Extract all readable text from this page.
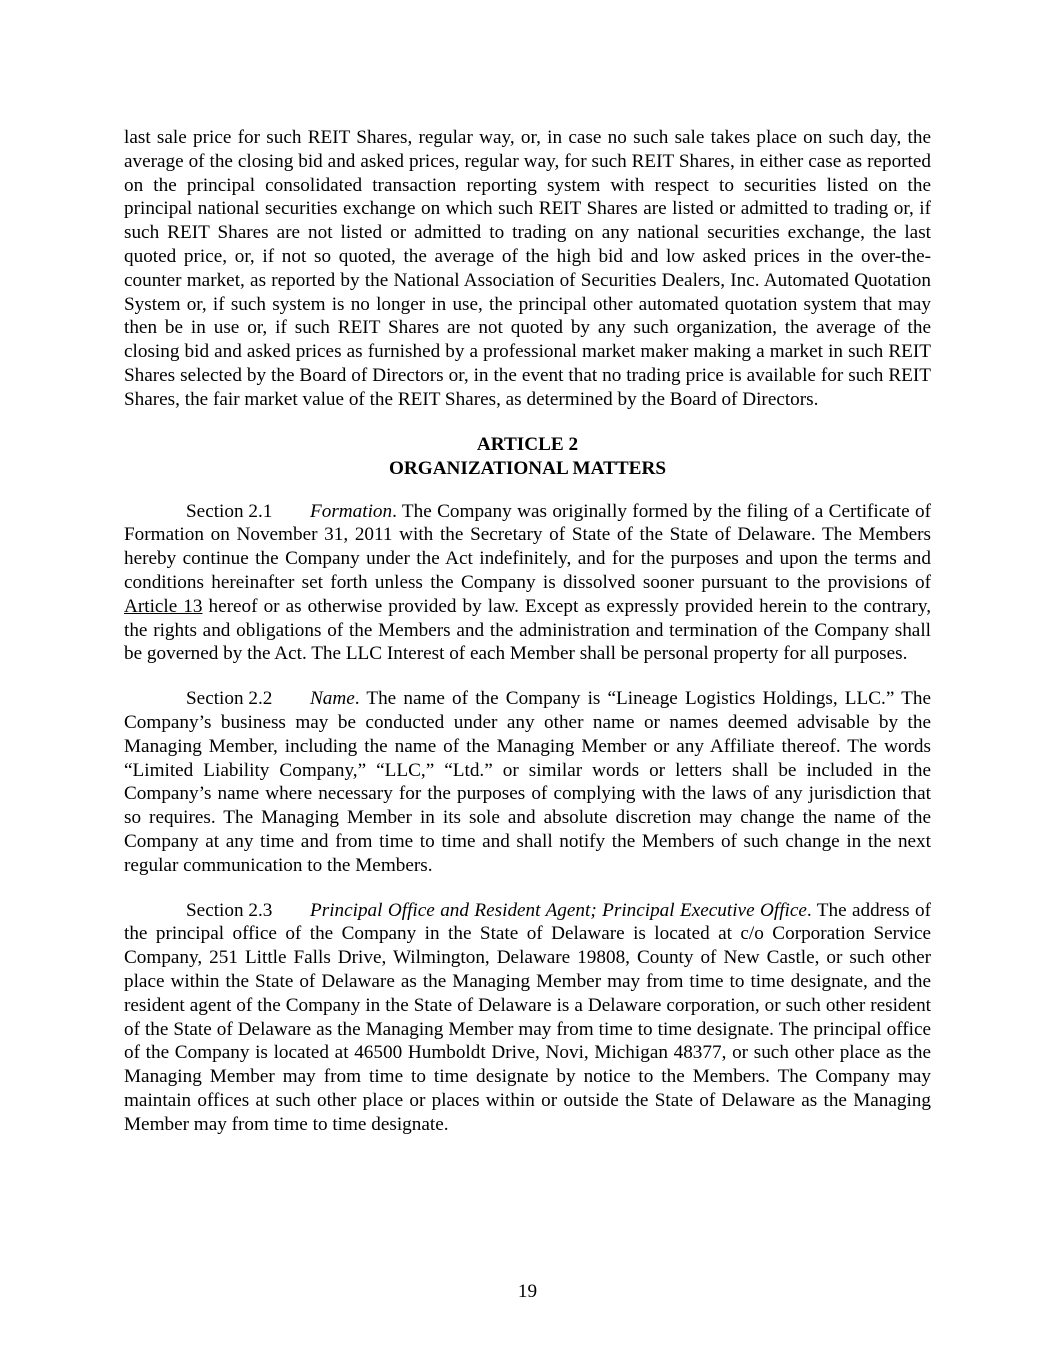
last sale price for such REIT Shares, regular way, or, in case no such sale takes place on such day, the average of the closing bid and asked prices, regular way, for such REIT Shares, in either case as reported on the principal consolidated transaction reporting system with respect to securities listed on the principal national securities exchange on which such REIT Shares are listed or admitted to trading or, if such REIT Shares are not listed or admitted to trading on any national securities exchange, the last quoted price, or, if not so quoted, the average of the high bid and low asked prices in the over-the-counter market, as reported by the National Association of Securities Dealers, Inc. Automated Quotation System or, if such system is no longer in use, the principal other automated quotation system that may then be in use or, if such REIT Shares are not quoted by any such organization, the average of the closing bid and asked prices as furnished by a professional market maker making a market in such REIT Shares selected by the Board of Directors or, in the event that no trading price is available for such REIT Shares, the fair market value of the REIT Shares, as determined by the Board of Directors.

ARTICLE 2
ORGANIZATIONAL MATTERS

Section 2.1 Formation. The Company was originally formed by the filing of a Certificate of Formation on November 31, 2011 with the Secretary of State of the State of Delaware. The Members hereby continue the Company under the Act indefinitely, and for the purposes and upon the terms and conditions hereinafter set forth unless the Company is dissolved sooner pursuant to the provisions of Article 13 hereof or as otherwise provided by law. Except as expressly provided herein to the contrary, the rights and obligations of the Members and the administration and termination of the Company shall be governed by the Act. The LLC Interest of each Member shall be personal property for all purposes.

Section 2.2 Name. The name of the Company is “Lineage Logistics Holdings, LLC.” The Company’s business may be conducted under any other name or names deemed advisable by the Managing Member, including the name of the Managing Member or any Affiliate thereof. The words “Limited Liability Company,” “LLC,” “Ltd.” or similar words or letters shall be included in the Company’s name where necessary for the purposes of complying with the laws of any jurisdiction that so requires. The Managing Member in its sole and absolute discretion may change the name of the Company at any time and from time to time and shall notify the Members of such change in the next regular communication to the Members.

Section 2.3 Principal Office and Resident Agent; Principal Executive Office. The address of the principal office of the Company in the State of Delaware is located at c/o Corporation Service Company, 251 Little Falls Drive, Wilmington, Delaware 19808, County of New Castle, or such other place within the State of Delaware as the Managing Member may from time to time designate, and the resident agent of the Company in the State of Delaware is a Delaware corporation, or such other resident of the State of Delaware as the Managing Member may from time to time designate. The principal office of the Company is located at 46500 Humboldt Drive, Novi, Michigan 48377, or such other place as the Managing Member may from time to time designate by notice to the Members. The Company may maintain offices at such other place or places within or outside the State of Delaware as the Managing Member may from time to time designate.

19
